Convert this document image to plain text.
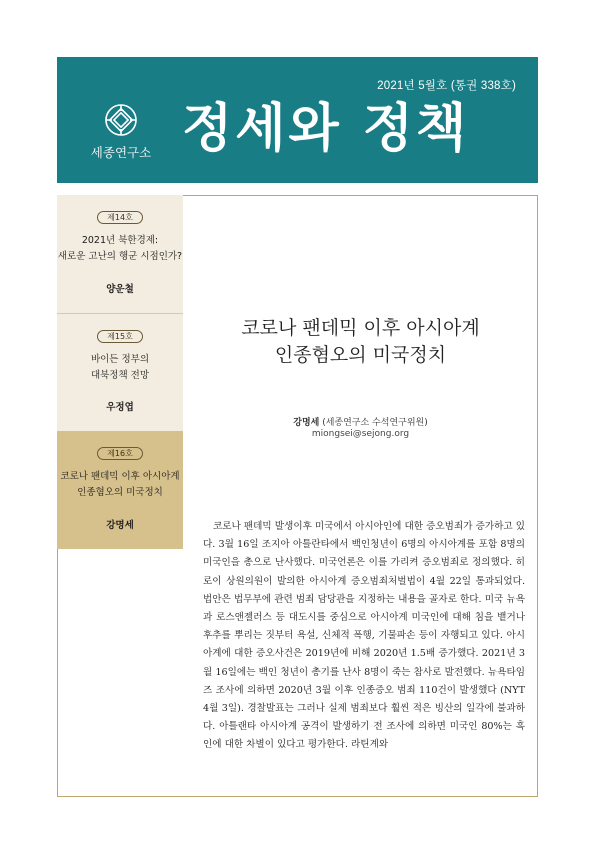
2021년 5월호 (통권 338호)
세종연구소 정세와 정책
제14호
2021년 북한경제:
새로운 고난의 행군 시점인가?
양운철
제15호
바이든 정부의
대북정책 전망
우정엽
제16호
코로나 팬데믹 이후 아시아계
인종혐오의 미국정치
강명세
코로나 팬데믹 이후 아시아계
인종혐오의 미국정치
강명세 (세종연구소 수석연구위원)
miongsei@sejong.org
코로나 팬데믹 발생이후 미국에서 아시아인에 대한 증오범죄가 증가하고 있다. 3월 16일 조지아 아틀란타에서 백인청년이 6명의 아시아계를 포함 8명의 미국인을 총으로 난사했다. 미국언론은 이를 가리켜 증오범죄로 정의했다. 히로이 상원의원이 발의한 아시아계 증오범죄처벌법이 4월 22일 통과되었다. 법안은 법무부에 관련 범죄 담당관을 지정하는 내용을 골자로 한다. 미국 뉴욕과 로스앤젤러스 등 대도시를 중심으로 아시아계 미국인에 대해 침을 뱉거나 후추를 뿌리는 짓부터 욕설, 신체적 폭행, 기물파손 등이 자행되고 있다. 아시아계에 대한 증오사건은 2019년에 비해 2020년 1.5배 증가했다. 2021년 3월 16일에는 백인 청년이 총기를 난사 8명이 죽는 참사로 발전했다. 뉴욕타임즈 조사에 의하면 2020년 3월 이후 인종증오 범죄 110건이 발생했다 (NYT 4월 3일). 경찰발표는 그러나 실제 범죄보다 훨씬 적은 빙산의 일각에 불과하다. 아틀랜타 아시아계 공격이 발생하기 전 조사에 의하면 미국인 80%는 흑인에 대한 차별이 있다고 평가한다. 라틴계와
